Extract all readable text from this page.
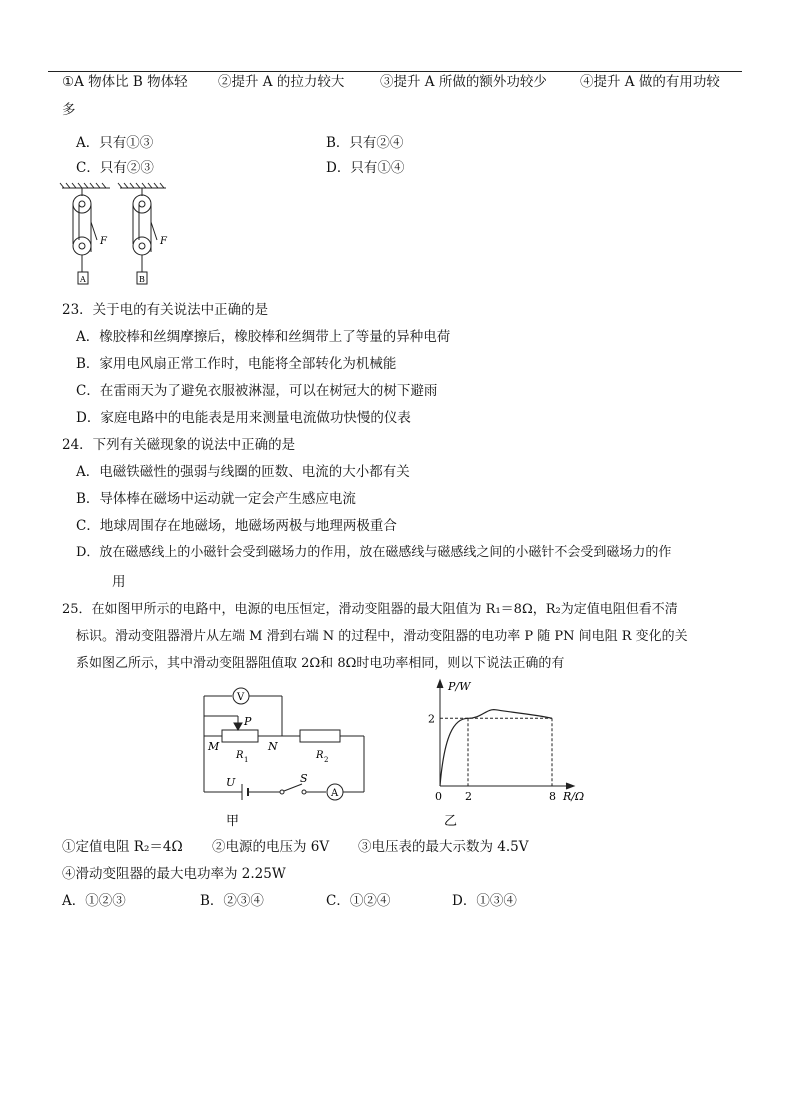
①A 物体比 B 物体轻 ②提升 A 的拉力较大	③提升 A 所做的额外功较少 ④提升 A 做的有用功较
多
A．只有①③	B．只有②④
C．只有②③	D．只有①④
F	F
A	B
23．关于电的有关说法中正确的是
A．橡胶棒和丝绸摩擦后，橡胶棒和丝绸带上了等量的异种电荷
B．家用电风扇正常工作时，电能将全部转化为机械能
C．在雷雨天为了避免衣服被淋湿，可以在树冠大的树下避雨
D．家庭电路中的电能表是用来测量电流做功快慢的仪表
24．下列有关磁现象的说法中正确的是
A．电磁铁磁性的强弱与线圈的匝数、电流的大小都有关
B．导体棒在磁场中运动就一定会产生感应电流
C．地球周围存在地磁场，地磁场两极与地理两极重合
D．放在磁感线上的小磁针会受到磁场力的作用，放在磁感线与磁感线之间的小磁针不会受到磁场力的作
用
25．在如图甲所示的电路中，电源的电压恒定，滑动变阻器的最大阻值为 R₁＝8Ω，R₂为定值电阻但看不清
标识。滑动变阻器滑片从左端 M 滑到右端 N 的过程中，滑动变阻器的电功率 P 随 PN 间电阻 R 变化的关
系如图乙所示，其中滑动变阻器阻值取 2Ω和 8Ω时电功率相同，则以下说法正确的有
V
P
M	N
R 1	R 2
U	S
A
甲
P/W
R/Ω
2
0 2	8
乙
①定值电阻 R₂＝4Ω ②电源的电压为 6V ③电压表的最大示数为 4.5V
④滑动变阻器的最大电功率为 2.25W
A．①②③	B．②③④	C．①②④	D．①③④
